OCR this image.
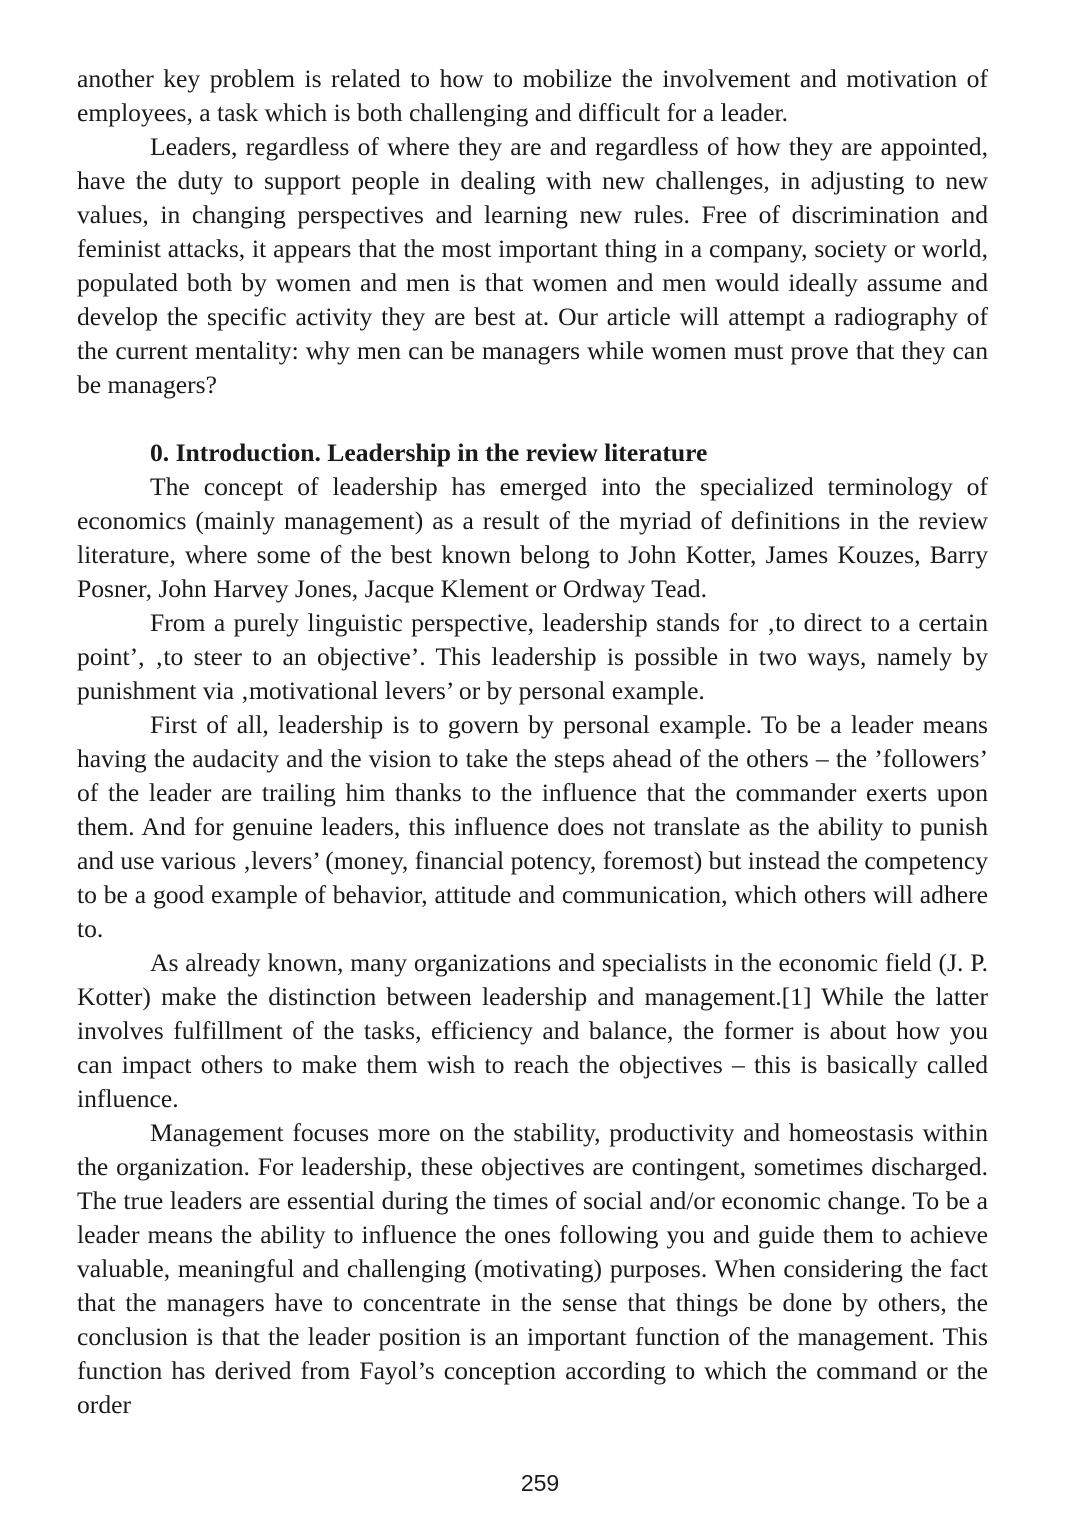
another key problem is related to how to mobilize the involvement and motivation of employees, a task which is both challenging and difficult for a leader.

Leaders, regardless of where they are and regardless of how they are appointed, have the duty to support people in dealing with new challenges, in adjusting to new values, in changing perspectives and learning new rules. Free of discrimination and feminist attacks, it appears that the most important thing in a company, society or world, populated both by women and men is that women and men would ideally assume and develop the specific activity they are best at. Our article will attempt a radiography of the current mentality: why men can be managers while women must prove that they can be managers?

0. Introduction. Leadership in the review literature

The concept of leadership has emerged into the specialized terminology of economics (mainly management) as a result of the myriad of definitions in the review literature, where some of the best known belong to John Kotter, James Kouzes, Barry Posner, John Harvey Jones, Jacque Klement or Ordway Tead.

From a purely linguistic perspective, leadership stands for ‚to direct to a certain point’, ‚to steer to an objective’. This leadership is possible in two ways, namely by punishment via ‚motivational levers’ or by personal example.

First of all, leadership is to govern by personal example. To be a leader means having the audacity and the vision to take the steps ahead of the others – the ’followers’ of the leader are trailing him thanks to the influence that the commander exerts upon them. And for genuine leaders, this influence does not translate as the ability to punish and use various ‚levers’ (money, financial potency, foremost) but instead the competency to be a good example of behavior, attitude and communication, which others will adhere to.

As already known, many organizations and specialists in the economic field (J. P. Kotter) make the distinction between leadership and management.[1] While the latter involves fulfillment of the tasks, efficiency and balance, the former is about how you can impact others to make them wish to reach the objectives – this is basically called influence.

Management focuses more on the stability, productivity and homeostasis within the organization. For leadership, these objectives are contingent, sometimes discharged. The true leaders are essential during the times of social and/or economic change. To be a leader means the ability to influence the ones following you and guide them to achieve valuable, meaningful and challenging (motivating) purposes. When considering the fact that the managers have to concentrate in the sense that things be done by others, the conclusion is that the leader position is an important function of the management. This function has derived from Fayol’s conception according to which the command or the order

259
